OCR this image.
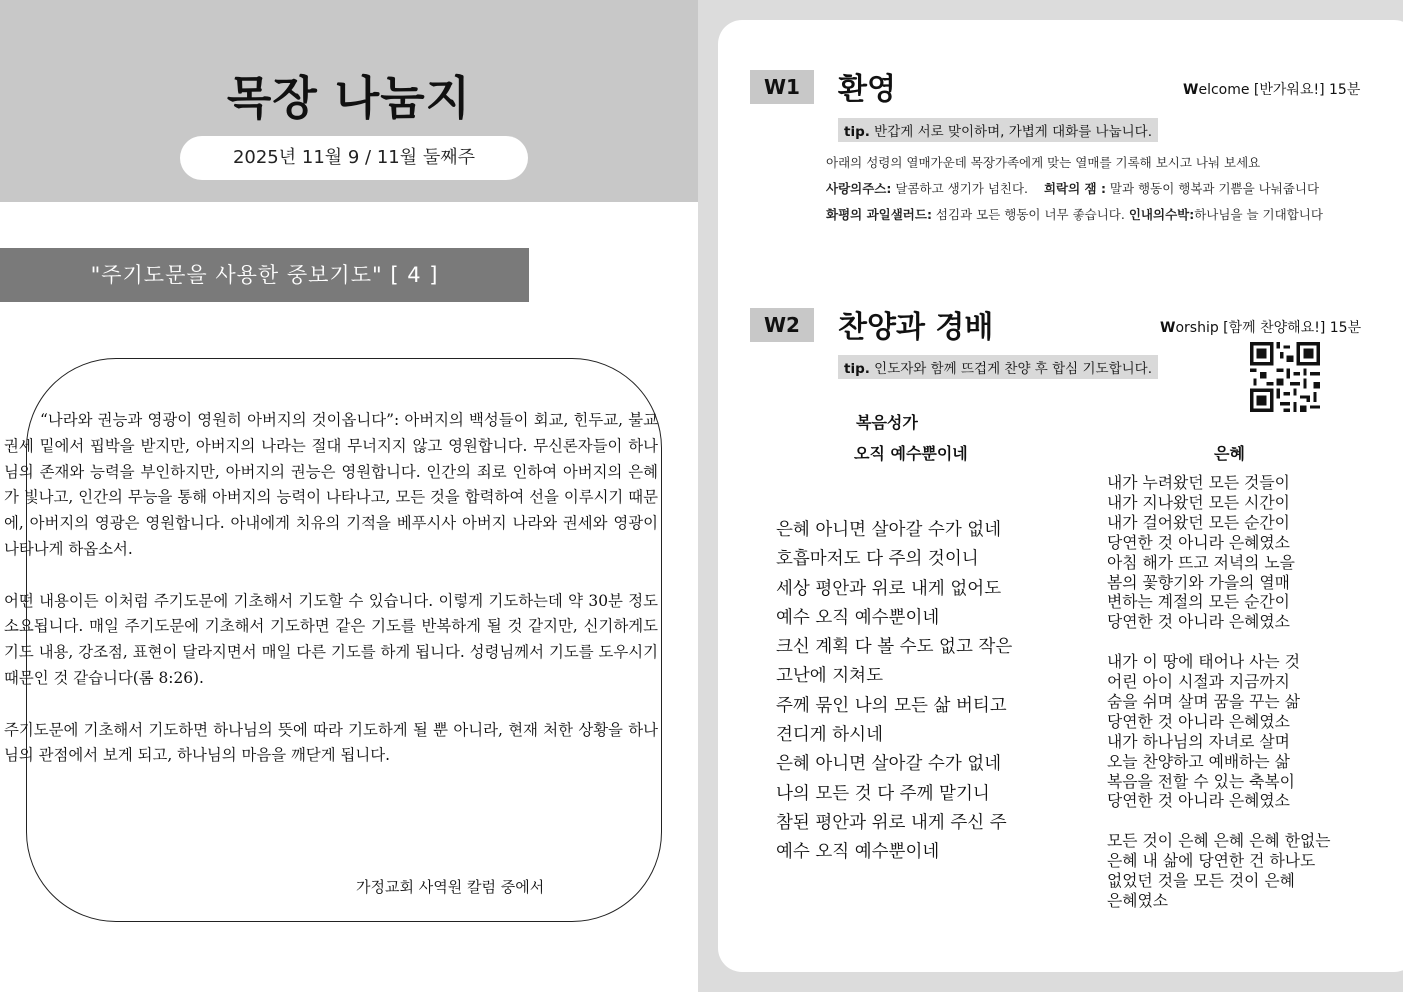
목장 나눔지
2025년 11월 9 / 11월 둘째주
"주기도문을 사용한 중보기도" [ 4 ]

“나라와 권능과 영광이 영원히 아버지의 것이옵니다”: 아버지의 백성들이 회교, 힌두교, 불교 권세 밑에서 핍박을 받지만, 아버지의 나라는 절대 무너지지 않고 영원합니다. 무신론자들이 하나님의 존재와 능력을 부인하지만, 아버지의 권능은 영원합니다. 인간의 죄로 인하여 아버지의 은혜가 빛나고, 인간의 무능을 통해 아버지의 능력이 나타나고, 모든 것을 합력하여 선을 이루시기 때문에, 아버지의 영광은 영원합니다. 아내에게 치유의 기적을 베푸시사 아버지 나라와 권세와 영광이 나타나게 하옵소서.

어떤 내용이든 이처럼 주기도문에 기초해서 기도할 수 있습니다. 이렇게 기도하는데 약 30분 정도 소요됩니다. 매일 주기도문에 기초해서 기도하면 같은 기도를 반복하게 될 것 같지만, 신기하게도 기도 내용, 강조점, 표현이 달라지면서 매일 다른 기도를 하게 됩니다. 성령님께서 기도를 도우시기 때문인 것 같습니다(롬 8:26).

주기도문에 기초해서 기도하면 하나님의 뜻에 따라 기도하게 될 뿐 아니라, 현재 처한 상황을 하나님의 관점에서 보게 되고, 하나님의 마음을 깨닫게 됩니다.

가정교회 사역원 칼럼 중에서
W1	환영	Welcome [반가워요!] 15분
tip. 반갑게 서로 맞이하며, 가볍게 대화를 나눕니다.
아래의 성령의 열매가운데 목장가족에게 맞는 열매를 기록해 보시고 나눠 보세요
사랑의주스: 달콤하고 생기가 넘친다. 희락의 잼 : 말과 행동이 행복과 기쁨을 나눠줍니다
화평의 과일샐러드: 섬김과 모든 행동이 너무 좋습니다. 인내의수박:하나님을 늘 기대합니다
W2	찬양과 경배	Worship [함께 찬양해요!] 15분
tip. 인도자와 함께 뜨겁게 찬양 후 합심 기도합니다.
복음성가
오직 예수뿐이네
은혜 아니면 살아갈 수가 없네
호흡마저도 다 주의 것이니
세상 평안과 위로 내게 없어도
예수 오직 예수뿐이네
크신 계획 다 볼 수도 없고 작은
고난에 지쳐도
주께 묶인 나의 모든 삶 버티고
견디게 하시네
은혜 아니면 살아갈 수가 없네
나의 모든 것 다 주께 맡기니
참된 평안과 위로 내게 주신 주
예수 오직 예수뿐이네
은혜
내가 누려왔던 모든 것들이
내가 지나왔던 모든 시간이
내가 걸어왔던 모든 순간이
당연한 것 아니라 은혜였소
아침 해가 뜨고 저녁의 노을
봄의 꽃향기와 가을의 열매
변하는 계절의 모든 순간이
당연한 것 아니라 은혜였소
내가 이 땅에 태어나 사는 것
어린 아이 시절과 지금까지
숨을 쉬며 살며 꿈을 꾸는 삶
당연한 것 아니라 은혜였소
내가 하나님의 자녀로 살며
오늘 찬양하고 예배하는 삶
복음을 전할 수 있는 축복이
당연한 것 아니라 은혜였소
모든 것이 은혜 은혜 은혜 한없는
은혜 내 삶에 당연한 건 하나도
없었던 것을 모든 것이 은혜
은혜였소
